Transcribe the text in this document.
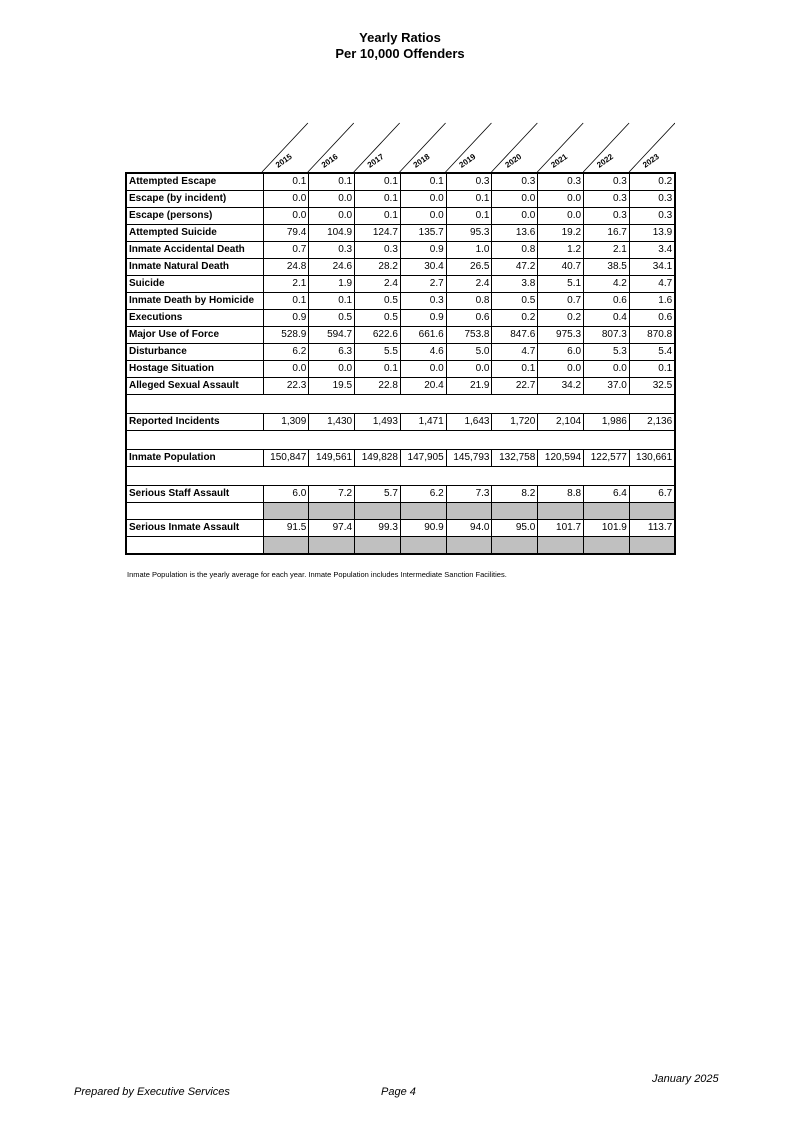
Yearly Ratios
Per 10,000 Offenders
2015	2016	2017	2018	2019	2020	2021	2022	2023
Attempted Escape	0.1	0.1	0.1	0.1	0.3	0.3	0.3	0.3	0.2
Escape (by incident)	0.0	0.0	0.1	0.0	0.1	0.0	0.0	0.3	0.3
Escape (persons)	0.0	0.0	0.1	0.0	0.1	0.0	0.0	0.3	0.3
Attempted Suicide	79.4	104.9	124.7	135.7	95.3	13.6	19.2	16.7	13.9
Inmate Accidental Death	0.7	0.3	0.3	0.9	1.0	0.8	1.2	2.1	3.4
Inmate Natural Death	24.8	24.6	28.2	30.4	26.5	47.2	40.7	38.5	34.1
Suicide	2.1	1.9	2.4	2.7	2.4	3.8	5.1	4.2	4.7
Inmate Death by Homicide	0.1	0.1	0.5	0.3	0.8	0.5	0.7	0.6	1.6
Executions	0.9	0.5	0.5	0.9	0.6	0.2	0.2	0.4	0.6
Major Use of Force	528.9	594.7	622.6	661.6	753.8	847.6	975.3	807.3	870.8
Disturbance	6.2	6.3	5.5	4.6	5.0	4.7	6.0	5.3	5.4
Hostage Situation	0.0	0.0	0.1	0.0	0.0	0.1	0.0	0.0	0.1
Alleged Sexual Assault	22.3	19.5	22.8	20.4	21.9	22.7	34.2	37.0	32.5

Reported Incidents	1,309	1,430	1,493	1,471	1,643	1,720	2,104	1,986	2,136

Inmate Population	150,847	149,561	149,828	147,905	145,793	132,758	120,594	122,577	130,661

Serious Staff Assault	6.0	7.2	5.7	6.2	7.3	8.2	8.8	6.4	6.7

Serious Inmate Assault	91.5	97.4	99.3	90.9	94.0	95.0	101.7	101.9	113.7

Inmate Population is the yearly average for each year. Inmate Population includes Intermediate Sanction Facilities.
Prepared by Executive Services	Page 4
January 2025
